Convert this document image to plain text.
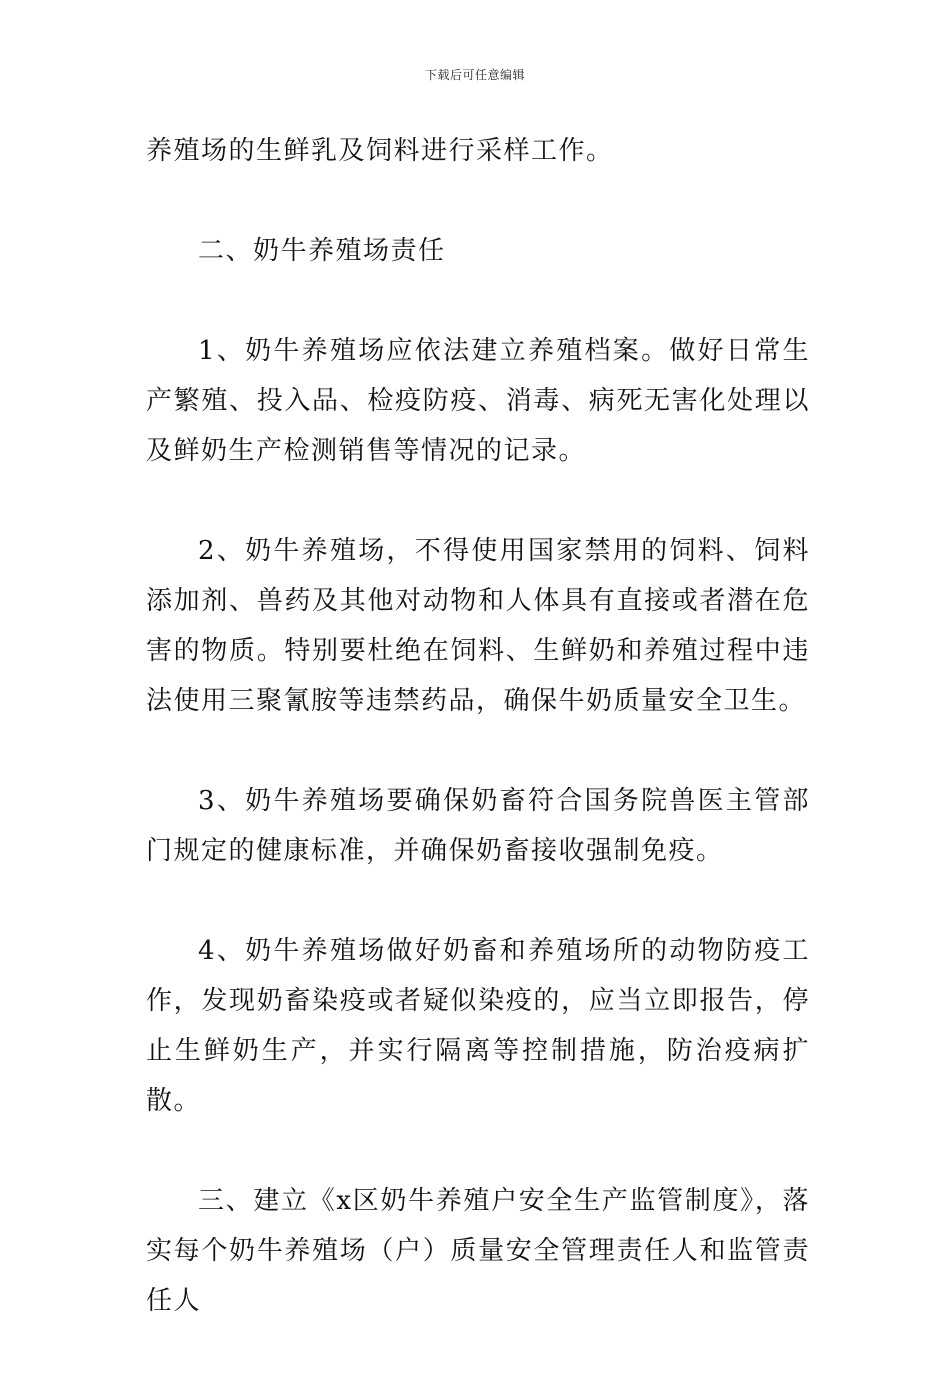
下载后可任意编辑

养殖场的生鲜乳及饲料进行采样工作。

二、奶牛养殖场责任

1、奶牛养殖场应依法建立养殖档案。做好日常生产繁殖、投入品、检疫防疫、消毒、病死无害化处理以及鲜奶生产检测销售等情况的记录。

2、奶牛养殖场，不得使用国家禁用的饲料、饲料添加剂、兽药及其他对动物和人体具有直接或者潜在危害的物质。特别要杜绝在饲料、生鲜奶和养殖过程中违法使用三聚氰胺等违禁药品，确保牛奶质量安全卫生。

3、奶牛养殖场要确保奶畜符合国务院兽医主管部门规定的健康标准，并确保奶畜接收强制免疫。

4、奶牛养殖场做好奶畜和养殖场所的动物防疫工作，发现奶畜染疫或者疑似染疫的，应当立即报告，停止生鲜奶生产，并实行隔离等控制措施，防治疫病扩散。

三、建立《x区奶牛养殖户安全生产监管制度》，落实每个奶牛养殖场（户）质量安全管理责任人和监管责任人
